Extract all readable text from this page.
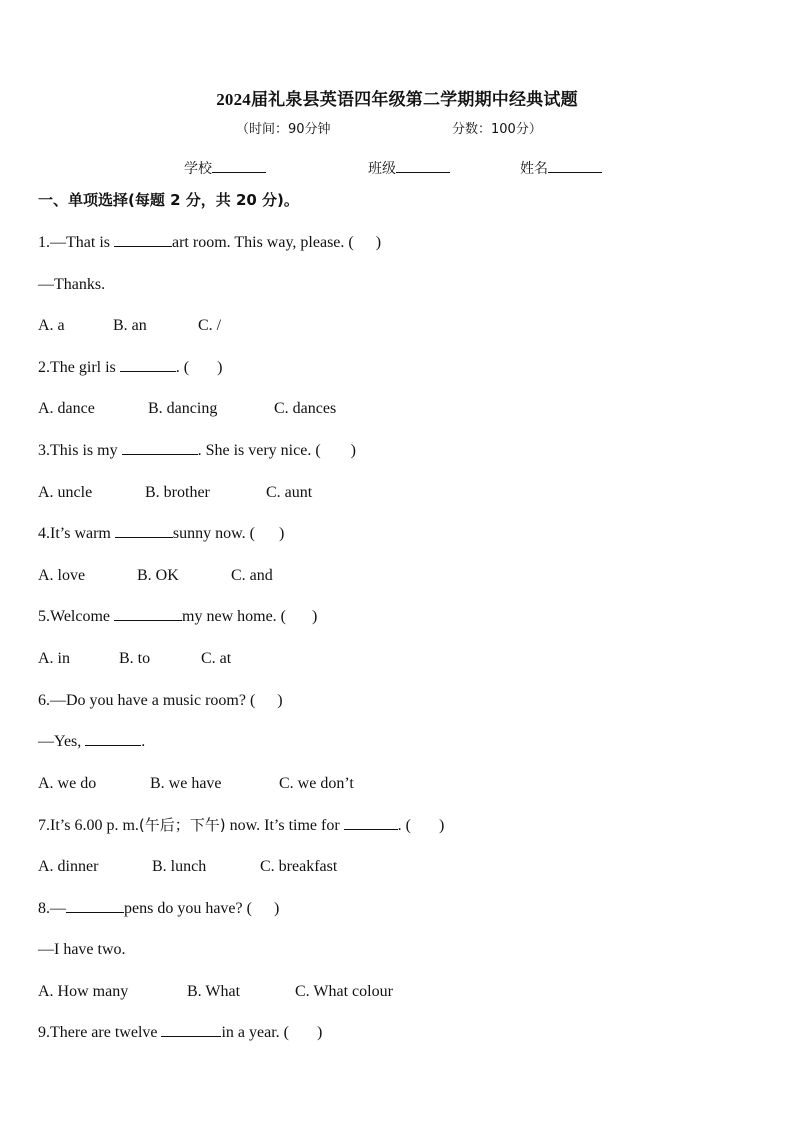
2024届礼泉县英语四年级第二学期期中经典试题
（时间：90分钟	分数：100分）
学校	班级	姓名
一、单项选择(每题 2 分，共 20 分)。
1.—That is	art room. This way, please. ( )
—Thanks.
A. a	B. an	C. /
2.The girl is	. ( )
A. dance	B. dancing	C. dances
3.This is my	. She is very nice. ( )
A. uncle	B. brother	C. aunt
4.It’s warm	sunny now. ( )
A. love	B. OK	C. and
5.Welcome	my new home. ( )
A. in	B. to	C. at
6.—Do you have a music room? ( )
—Yes,	.
A. we do	B. we have	C. we don’t
7.It’s 6.00 p. m.(午后；下午) now. It’s time for	. ( )
A. dinner	B. lunch	C. breakfast
8.—	pens do you have? ( )
—I have two.
A. How many	B. What	C. What colour
9.There are twelve	in a year. ( )
